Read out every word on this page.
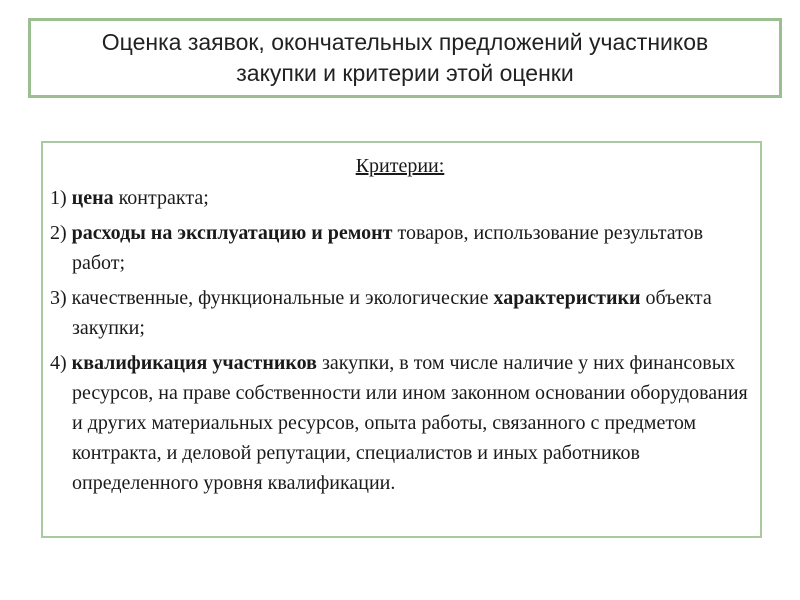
Оценка заявок, окончательных предложений участников
закупки и критерии этой оценки
Критерии:
1) цена контракта;
2) расходы на эксплуатацию и ремонт товаров, использование результатов работ;
3) качественные, функциональные и экологические характеристики объекта закупки;
4) квалификация участников закупки, в том числе наличие у них финансовых ресурсов, на праве собственности или ином законном основании оборудования и других материальных ресурсов, опыта работы, связанного с предметом контракта, и деловой репутации, специалистов и иных работников определенного уровня квалификации.
